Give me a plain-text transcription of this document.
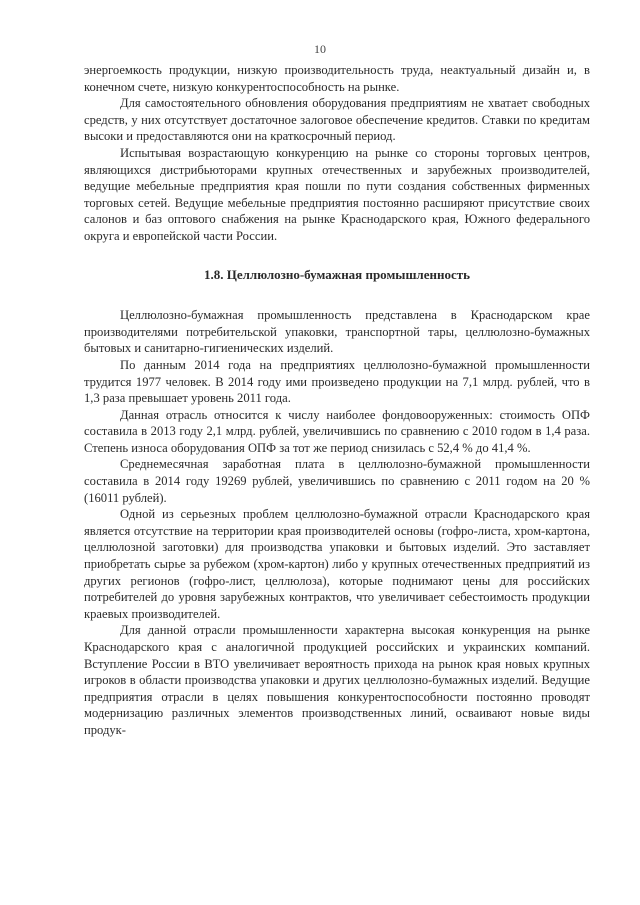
10

энергоемкость продукции, низкую производительность труда, неактуальный дизайн и, в конечном счете, низкую конкурентоспособность на рынке.

Для самостоятельного обновления оборудования предприятиям не хватает свободных средств, у них отсутствует достаточное залоговое обеспечение кредитов. Ставки по кредитам высоки и предоставляются они на краткосрочный период.

Испытывая возрастающую конкуренцию на рынке со стороны торговых центров, являющихся дистрибьюторами крупных отечественных и зарубежных производителей, ведущие мебельные предприятия края пошли по пути создания собственных фирменных торговых сетей. Ведущие мебельные предприятия постоянно расширяют присутствие своих салонов и баз оптового снабжения на рынке Краснодарского края, Южного федерального округа и европейской части России.

1.8. Целлюлозно-бумажная промышленность

Целлюлозно-бумажная промышленность представлена в Краснодарском крае производителями потребительской упаковки, транспортной тары, целлюлозно-бумажных бытовых и санитарно-гигиенических изделий.

По данным 2014 года на предприятиях целлюлозно-бумажной промышленности трудится 1977 человек. В 2014 году ими произведено продукции на 7,1 млрд. рублей, что в 1,3 раза превышает уровень 2011 года.

Данная отрасль относится к числу наиболее фондовооруженных: стоимость ОПФ составила в 2013 году 2,1 млрд. рублей, увеличившись по сравнению с 2010 годом в 1,4 раза. Степень износа оборудования ОПФ за тот же период снизилась с 52,4 % до 41,4 %.

Среднемесячная заработная плата в целлюлозно-бумажной промышленности составила в 2014 году 19269 рублей, увеличившись по сравнению с 2011 годом на 20 % (16011 рублей).

Одной из серьезных проблем целлюлозно-бумажной отрасли Краснодарского края является отсутствие на территории края производителей основы (гофро-листа, хром-картона, целлюлозной заготовки) для производства упаковки и бытовых изделий. Это заставляет приобретать сырье за рубежом (хром-картон) либо у крупных отечественных предприятий из других регионов (гофро-лист, целлюлоза), которые поднимают цены для российских потребителей до уровня зарубежных контрактов, что увеличивает себестоимость продукции краевых производителей.

Для данной отрасли промышленности характерна высокая конкуренция на рынке Краснодарского края с аналогичной продукцией российских и украинских компаний. Вступление России в ВТО увеличивает вероятность прихода на рынок края новых крупных игроков в области производства упаковки и других целлюлозно-бумажных изделий. Ведущие предприятия отрасли в целях повышения конкурентоспособности постоянно проводят модернизацию различных элементов производственных линий, осваивают новые виды продук-
